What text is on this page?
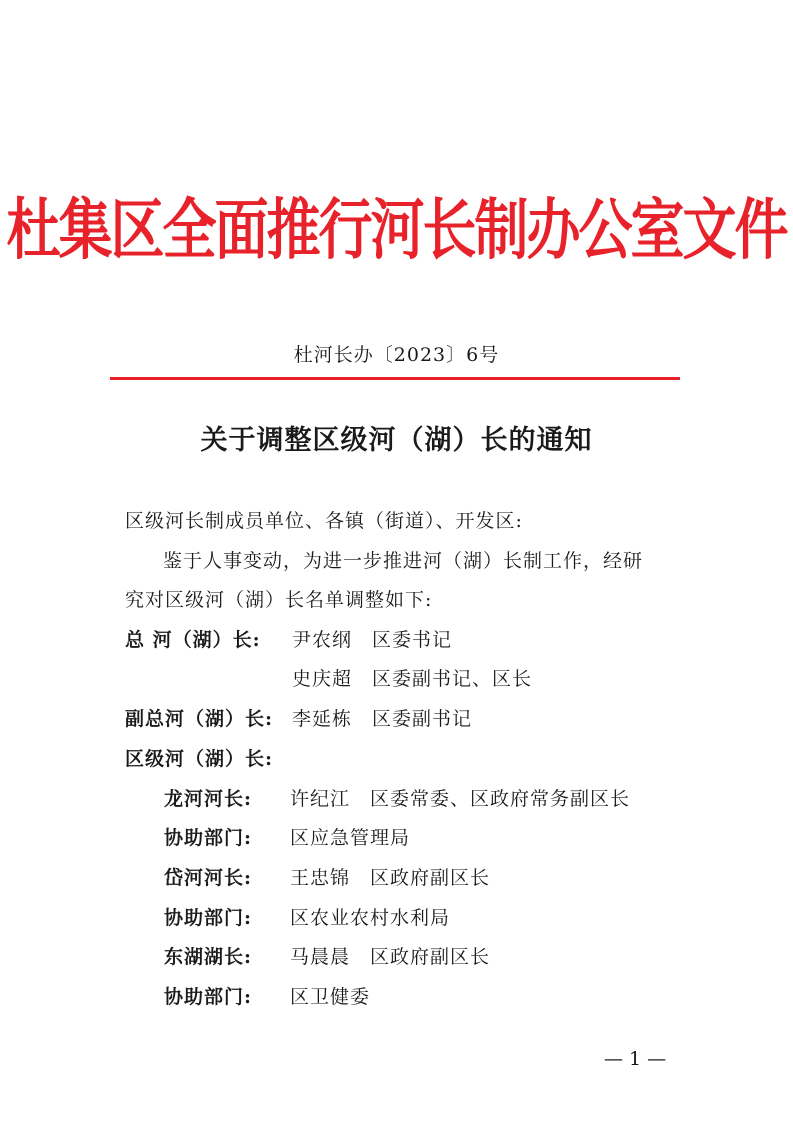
杜集区全面推行河长制办公室文件
杜河长办〔2023〕6号
关于调整区级河（湖）长的通知
区级河长制成员单位、各镇（街道）、开发区:
鉴于人事变动，为进一步推进河（湖）长制工作，经研
究对区级河（湖）长名单调整如下:
总 河（湖）长: 尹农纲　区委书记
史庆超　区委副书记、区长
副总河（湖）长: 李延栋　区委副书记
区级河（湖）长:
龙河河长: 许纪江　区委常委、区政府常务副区长
协助部门: 区应急管理局
岱河河长: 王忠锦　区政府副区长
协助部门: 区农业农村水利局
东湖湖长: 马晨晨　区政府副区长
协助部门: 区卫健委
— 1 —
